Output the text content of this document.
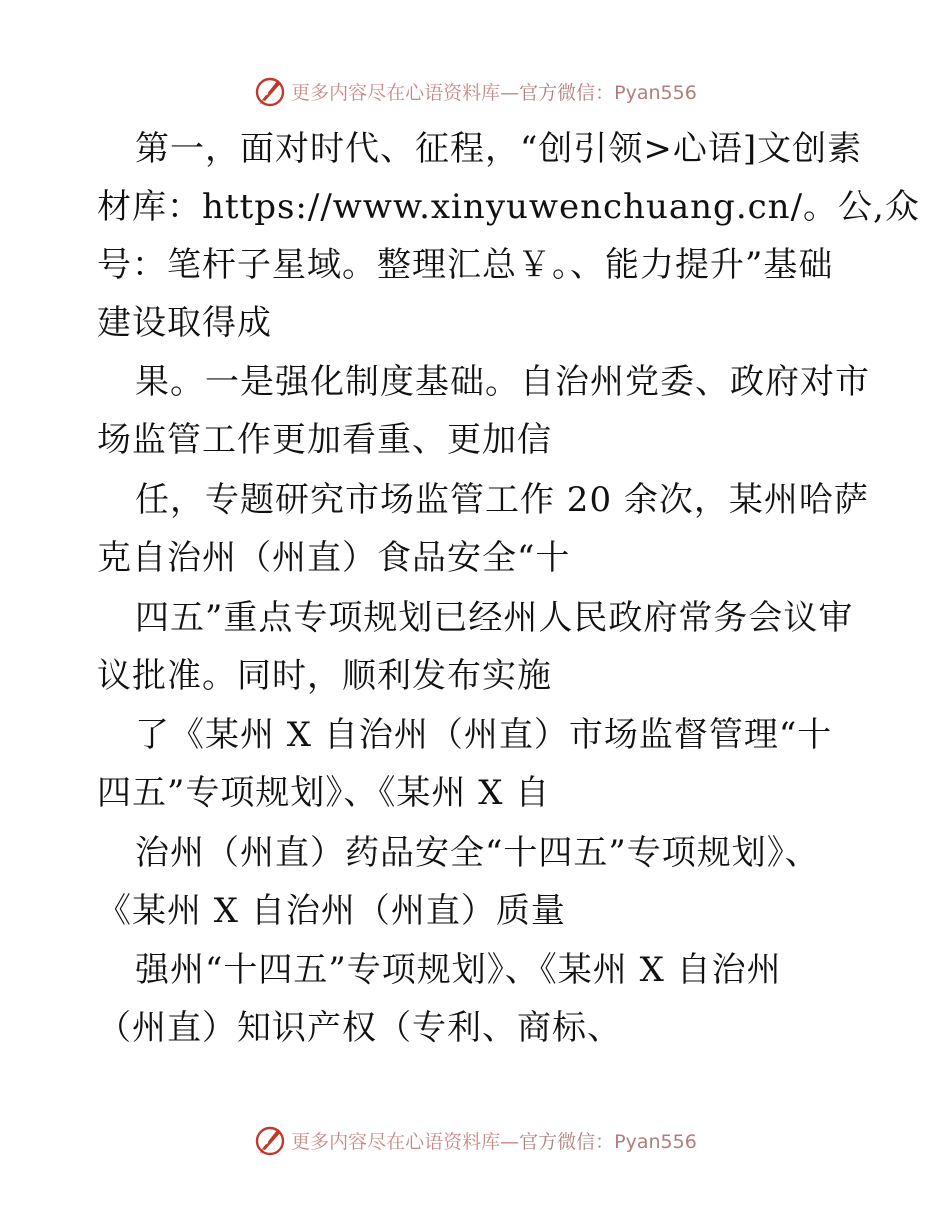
更多内容尽在心语资料库—官方微信：Pyan556
第一，面对时代、征程，“创引领>心语]文创素
材库：https://www.xinyuwenchuang.cn/。公,众
号：笔杆子星域。整理汇总￥。、能力提升”基础
建设取得成
果。一是强化制度基础。自治州党委、政府对市
场监管工作更加看重、更加信
任，专题研究市场监管工作 20 余次，某州哈萨
克自治州（州直）食品安全“十
四五”重点专项规划已经州人民政府常务会议审
议批准。同时，顺利发布实施
了《某州 X 自治州（州直）市场监督管理“十
四五”专项规划》、《某州 X 自
治州（州直）药品安全“十四五”专项规划》、
《某州 X 自治州（州直）质量
强州“十四五”专项规划》、《某州 X 自治州
（州直）知识产权（专利、商标、
更多内容尽在心语资料库—官方微信：Pyan556
